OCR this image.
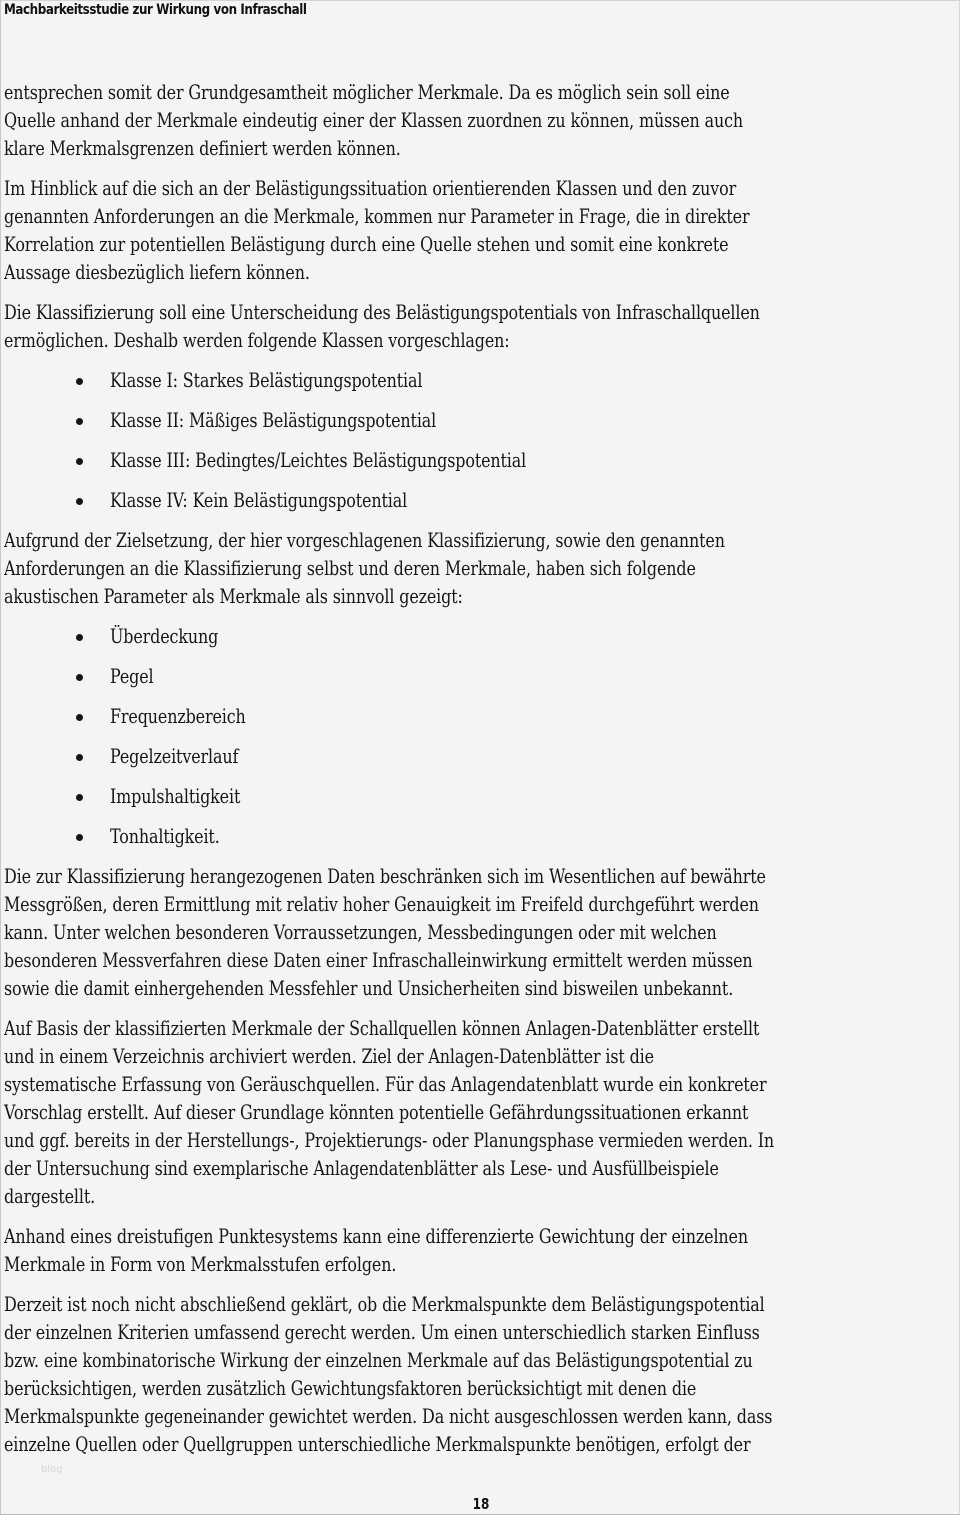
Machbarkeitsstudie zur Wirkung von Infraschall

entsprechen somit der Grundgesamtheit möglicher Merkmale. Da es möglich sein soll eine
Quelle anhand der Merkmale eindeutig einer der Klassen zuordnen zu können, müssen auch
klare Merkmalsgrenzen definiert werden können.

Im Hinblick auf die sich an der Belästigungssituation orientierenden Klassen und den zuvor
genannten Anforderungen an die Merkmale, kommen nur Parameter in Frage, die in direkter
Korrelation zur potentiellen Belästigung durch eine Quelle stehen und somit eine konkrete
Aussage diesbezüglich liefern können.

Die Klassifizierung soll eine Unterscheidung des Belästigungspotentials von Infraschallquellen
ermöglichen. Deshalb werden folgende Klassen vorgeschlagen:

Klasse I: Starkes Belästigungspotential
Klasse II: Mäßiges Belästigungspotential
Klasse III: Bedingtes/Leichtes Belästigungspotential
Klasse IV: Kein Belästigungspotential

Aufgrund der Zielsetzung, der hier vorgeschlagenen Klassifizierung, sowie den genannten
Anforderungen an die Klassifizierung selbst und deren Merkmale, haben sich folgende
akustischen Parameter als Merkmale als sinnvoll gezeigt:

Überdeckung
Pegel
Frequenzbereich
Pegelzeitverlauf
Impulshaltigkeit
Tonhaltigkeit.

Die zur Klassifizierung herangezogenen Daten beschränken sich im Wesentlichen auf bewährte
Messgrößen, deren Ermittlung mit relativ hoher Genauigkeit im Freifeld durchgeführt werden
kann. Unter welchen besonderen Vorraussetzungen, Messbedingungen oder mit welchen
besonderen Messverfahren diese Daten einer Infraschalleinwirkung ermittelt werden müssen
sowie die damit einhergehenden Messfehler und Unsicherheiten sind bisweilen unbekannt.

Auf Basis der klassifizierten Merkmale der Schallquellen können Anlagen-Datenblätter erstellt
und in einem Verzeichnis archiviert werden. Ziel der Anlagen-Datenblätter ist die
systematische Erfassung von Geräuschquellen. Für das Anlagendatenblatt wurde ein konkreter
Vorschlag erstellt. Auf dieser Grundlage könnten potentielle Gefährdungssituationen erkannt
und ggf. bereits in der Herstellungs-, Projektierungs- oder Planungsphase vermieden werden. In
der Untersuchung sind exemplarische Anlagendatenblätter als Lese- und Ausfüllbeispiele
dargestellt.

Anhand eines dreistufigen Punktesystems kann eine differenzierte Gewichtung der einzelnen
Merkmale in Form von Merkmalsstufen erfolgen.

Derzeit ist noch nicht abschließend geklärt, ob die Merkmalspunkte dem Belästigungspotential
der einzelnen Kriterien umfassend gerecht werden. Um einen unterschiedlich starken Einfluss
bzw. eine kombinatorische Wirkung der einzelnen Merkmale auf das Belästigungspotential zu
berücksichtigen, werden zusätzlich Gewichtungsfaktoren berücksichtigt mit denen die
Merkmalspunkte gegeneinander gewichtet werden. Da nicht ausgeschlossen werden kann, dass
einzelne Quellen oder Quellgruppen unterschiedliche Merkmalspunkte benötigen, erfolgt der

blog
18
